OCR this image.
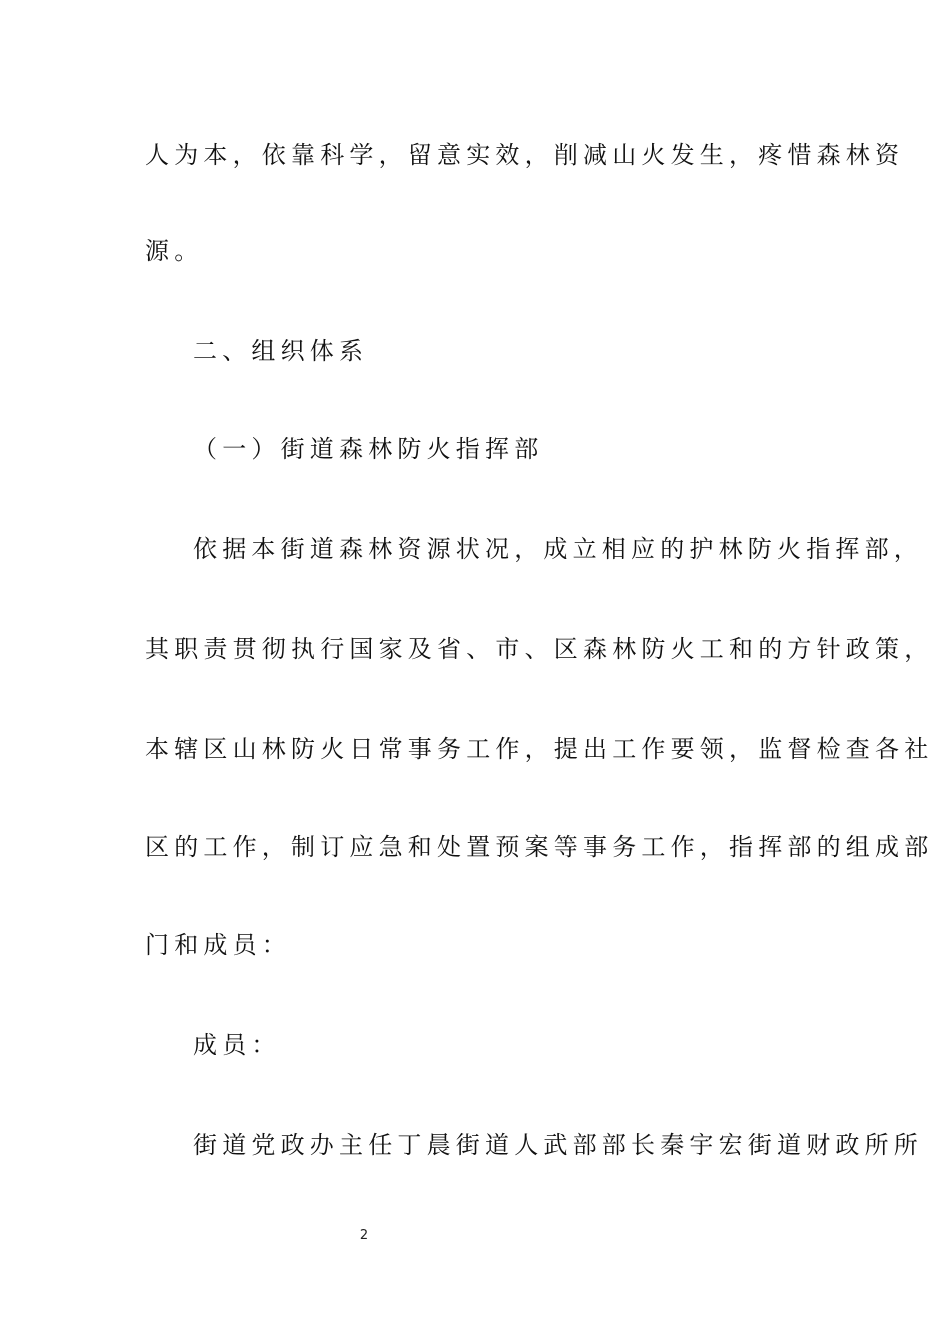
人为本，依靠科学，留意实效，削减山火发生，疼惜森林资
源。
二、组织体系
（一）街道森林防火指挥部
依据本街道森林资源状况，成立相应的护林防火指挥部，
其职责贯彻执行国家及省、市、区森林防火工和的方针政策，
本辖区山林防火日常事务工作，提出工作要领，监督检查各社
区的工作，制订应急和处置预案等事务工作，指挥部的组成部
门和成员：
成员：
街道党政办主任丁晨街道人武部部长秦宇宏街道财政所所
2
